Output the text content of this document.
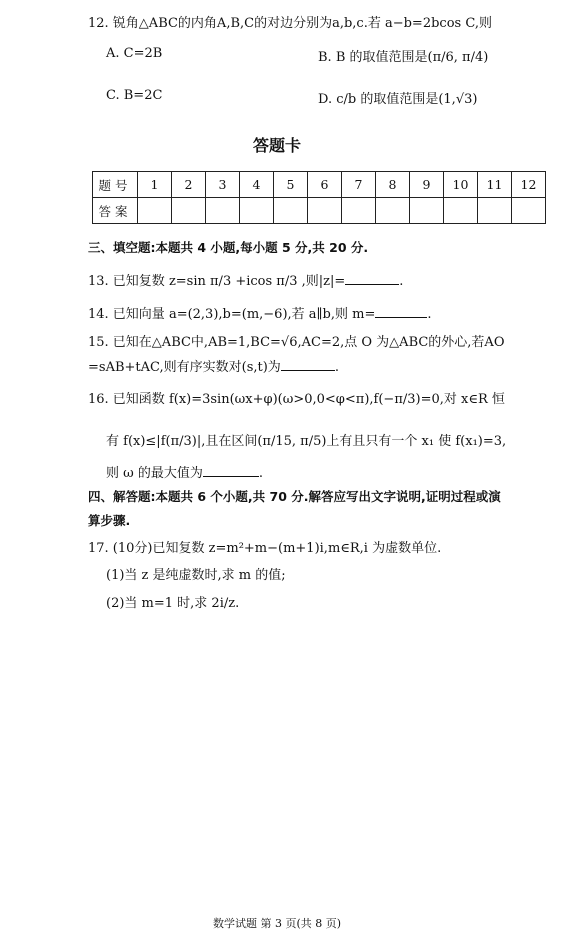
12. 锐角△ABC的内角A,B,C的对边分别为a,b,c.若 a−b=2bcos C,则
A. C=2B	B. B 的取值范围是(π/6, π/4)
C. B=2C	D. c/b 的取值范围是(1,√3)
答题卡
题号	1	2	3	4	5	6	7	8	9	10	11	12
答案												
三、填空题:本题共 4 小题,每小题 5 分,共 20 分.
13. 已知复数 z=sin π/3 +icos π/3 ,则|z|=	.
14. 已知向量 a=(2,3),b=(m,−6),若 a∥b,则 m=	.
15. 已知在△ABC中,AB=1,BC=√6,AC=2,点 O 为△ABC的外心,若AO
=sAB+tAC,则有序实数对(s,t)为	.
16. 已知函数 f(x)=3sin(ωx+φ)(ω>0,0<φ<π),f(−π/3)=0,对 x∈R 恒
有 f(x)≤|f(π/3)|,且在区间(π/15, π/5)上有且只有一个 x₁ 使 f(x₁)=3,
则 ω 的最大值为	.
四、解答题:本题共 6 个小题,共 70 分.解答应写出文字说明,证明过程或演
算步骤.
17. (10分)已知复数 z=m²+m−(m+1)i,m∈R,i 为虚数单位.
(1)当 z 是纯虚数时,求 m 的值;
(2)当 m=1 时,求 2i/z.
数学试题 第 3 页(共 8 页)
